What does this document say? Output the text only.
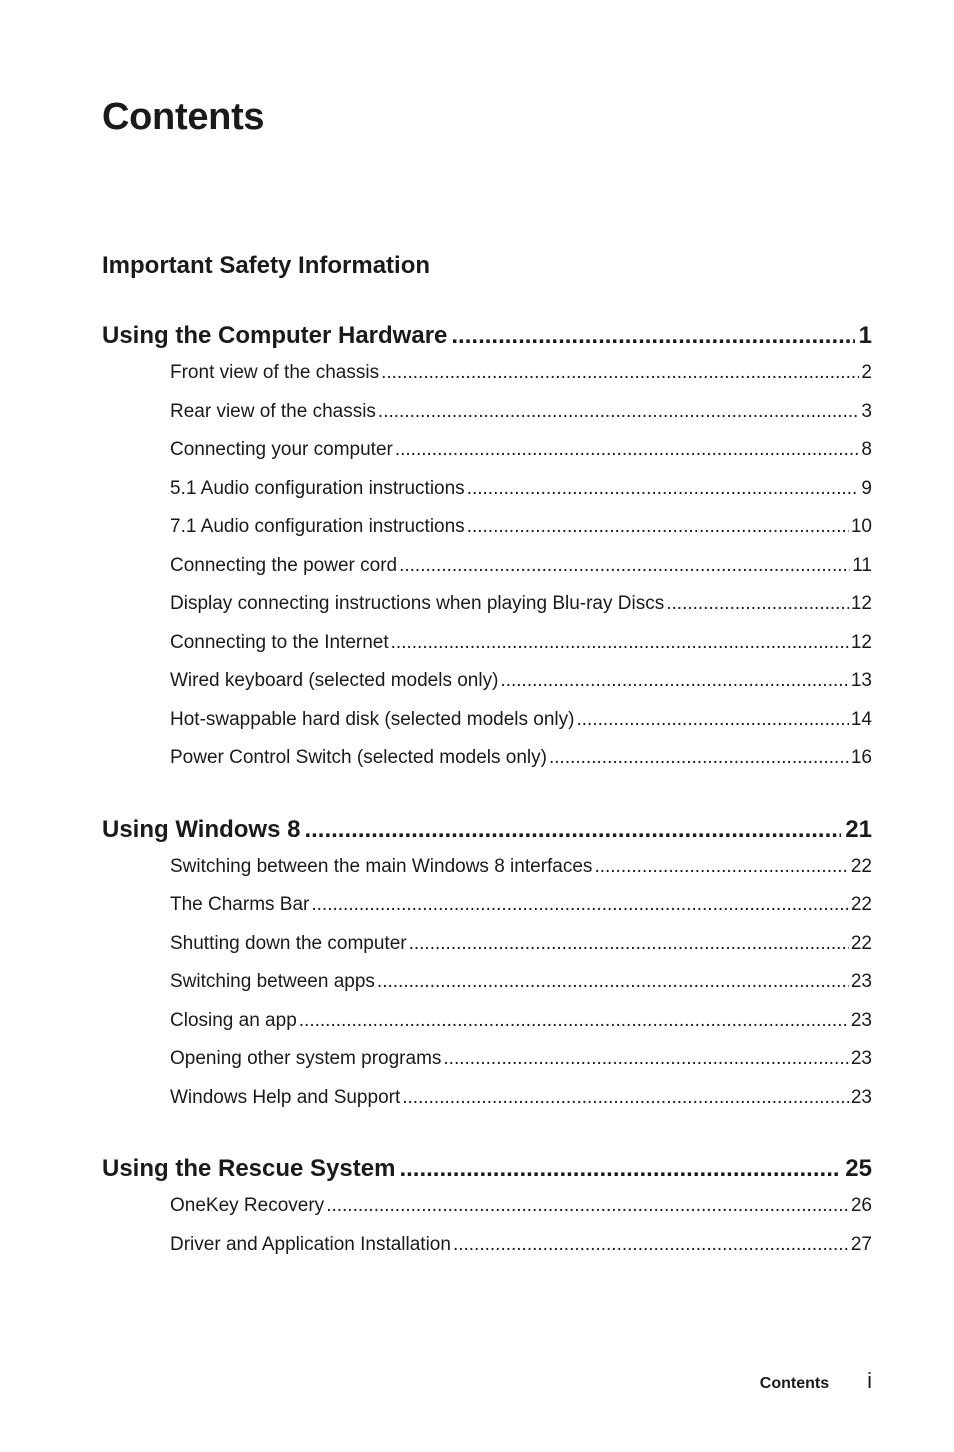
Contents
Important Safety Information
Using the Computer Hardware .....	1
Front view of the chassis .....	2
Rear view of the chassis .....	3
Connecting your computer .....	8
5.1 Audio configuration instructions .....	9
7.1 Audio configuration instructions .....	10
Connecting the power cord .....	11
Display connecting instructions when playing Blu-ray Discs .....	12
Connecting to the Internet .....	12
Wired keyboard (selected models only) .....	13
Hot-swappable hard disk (selected models only) .....	14
Power Control Switch (selected models only) .....	16
Using Windows 8 .....	21
Switching between the main Windows 8 interfaces .....	22
The Charms Bar .....	22
Shutting down the computer .....	22
Switching between apps .....	23
Closing an app .....	23
Opening other system programs .....	23
Windows Help and Support .....	23
Using the Rescue System .....	25
OneKey Recovery .....	26
Driver and Application Installation .....	27
Contents i
